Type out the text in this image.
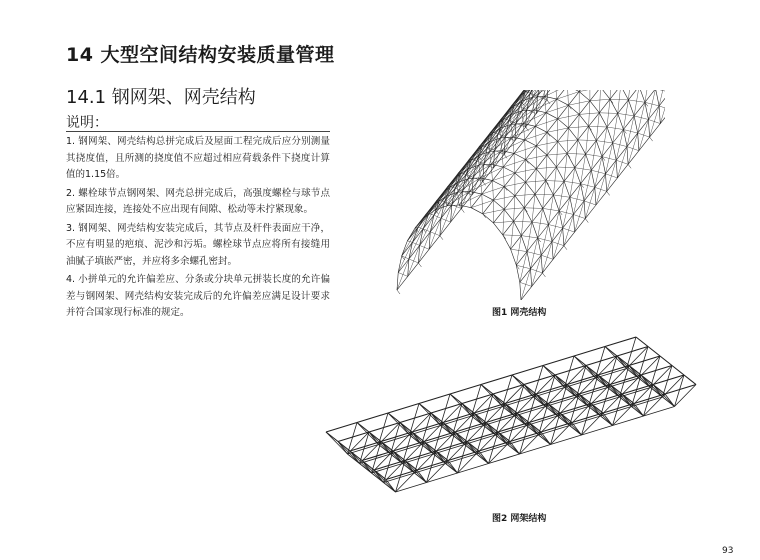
14 大型空间结构安装质量管理
14.1 钢网架、网壳结构
说明：
1. 钢网架、网壳结构总拼完成后及屋面工程完成后应分别测量其挠度值，且所测的挠度值不应超过相应荷载条件下挠度计算值的1.15倍。
2. 螺栓球节点钢网架、网壳总拼完成后，高强度螺栓与球节点应紧固连接，连接处不应出现有间隙、松动等未拧紧现象。
3. 钢网架、网壳结构安装完成后，其节点及杆件表面应干净，不应有明显的疤痕、泥沙和污垢。螺栓球节点应将所有接缝用油腻子填嵌严密，并应将多余螺孔密封。
4. 小拼单元的允许偏差应、分条或分块单元拼装长度的允许偏差与钢网架、网壳结构安装完成后的允许偏差应满足设计要求并符合国家现行标准的规定。	图1 网壳结构
图2 网架结构
93
